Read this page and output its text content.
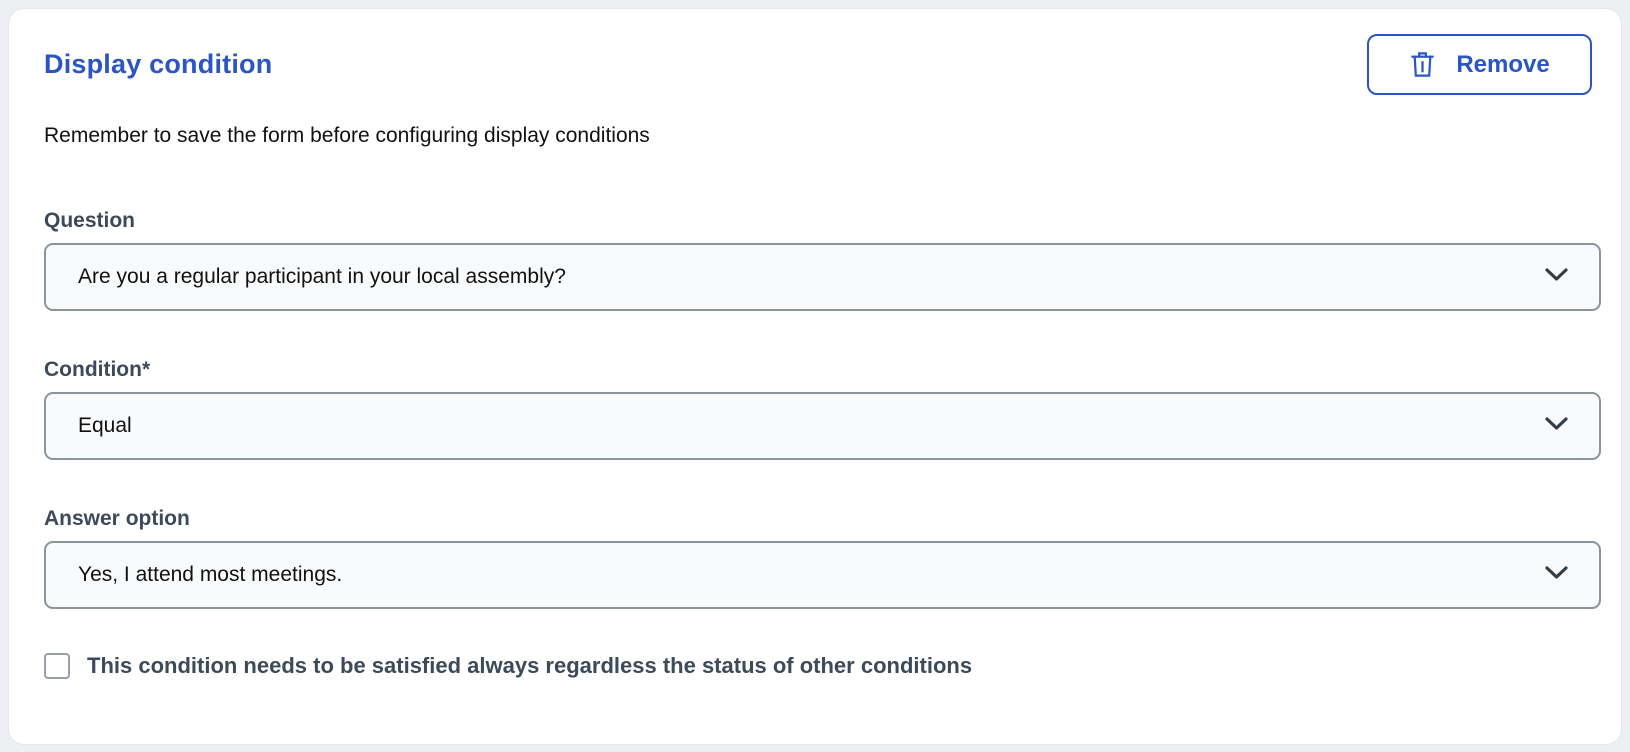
Display condition	Remove
Remember to save the form before configuring display conditions
Question
Are you a regular participant in your local assembly?
Condition*
Equal
Answer option
Yes, I attend most meetings.
This condition needs to be satisfied always regardless the status of other conditions
